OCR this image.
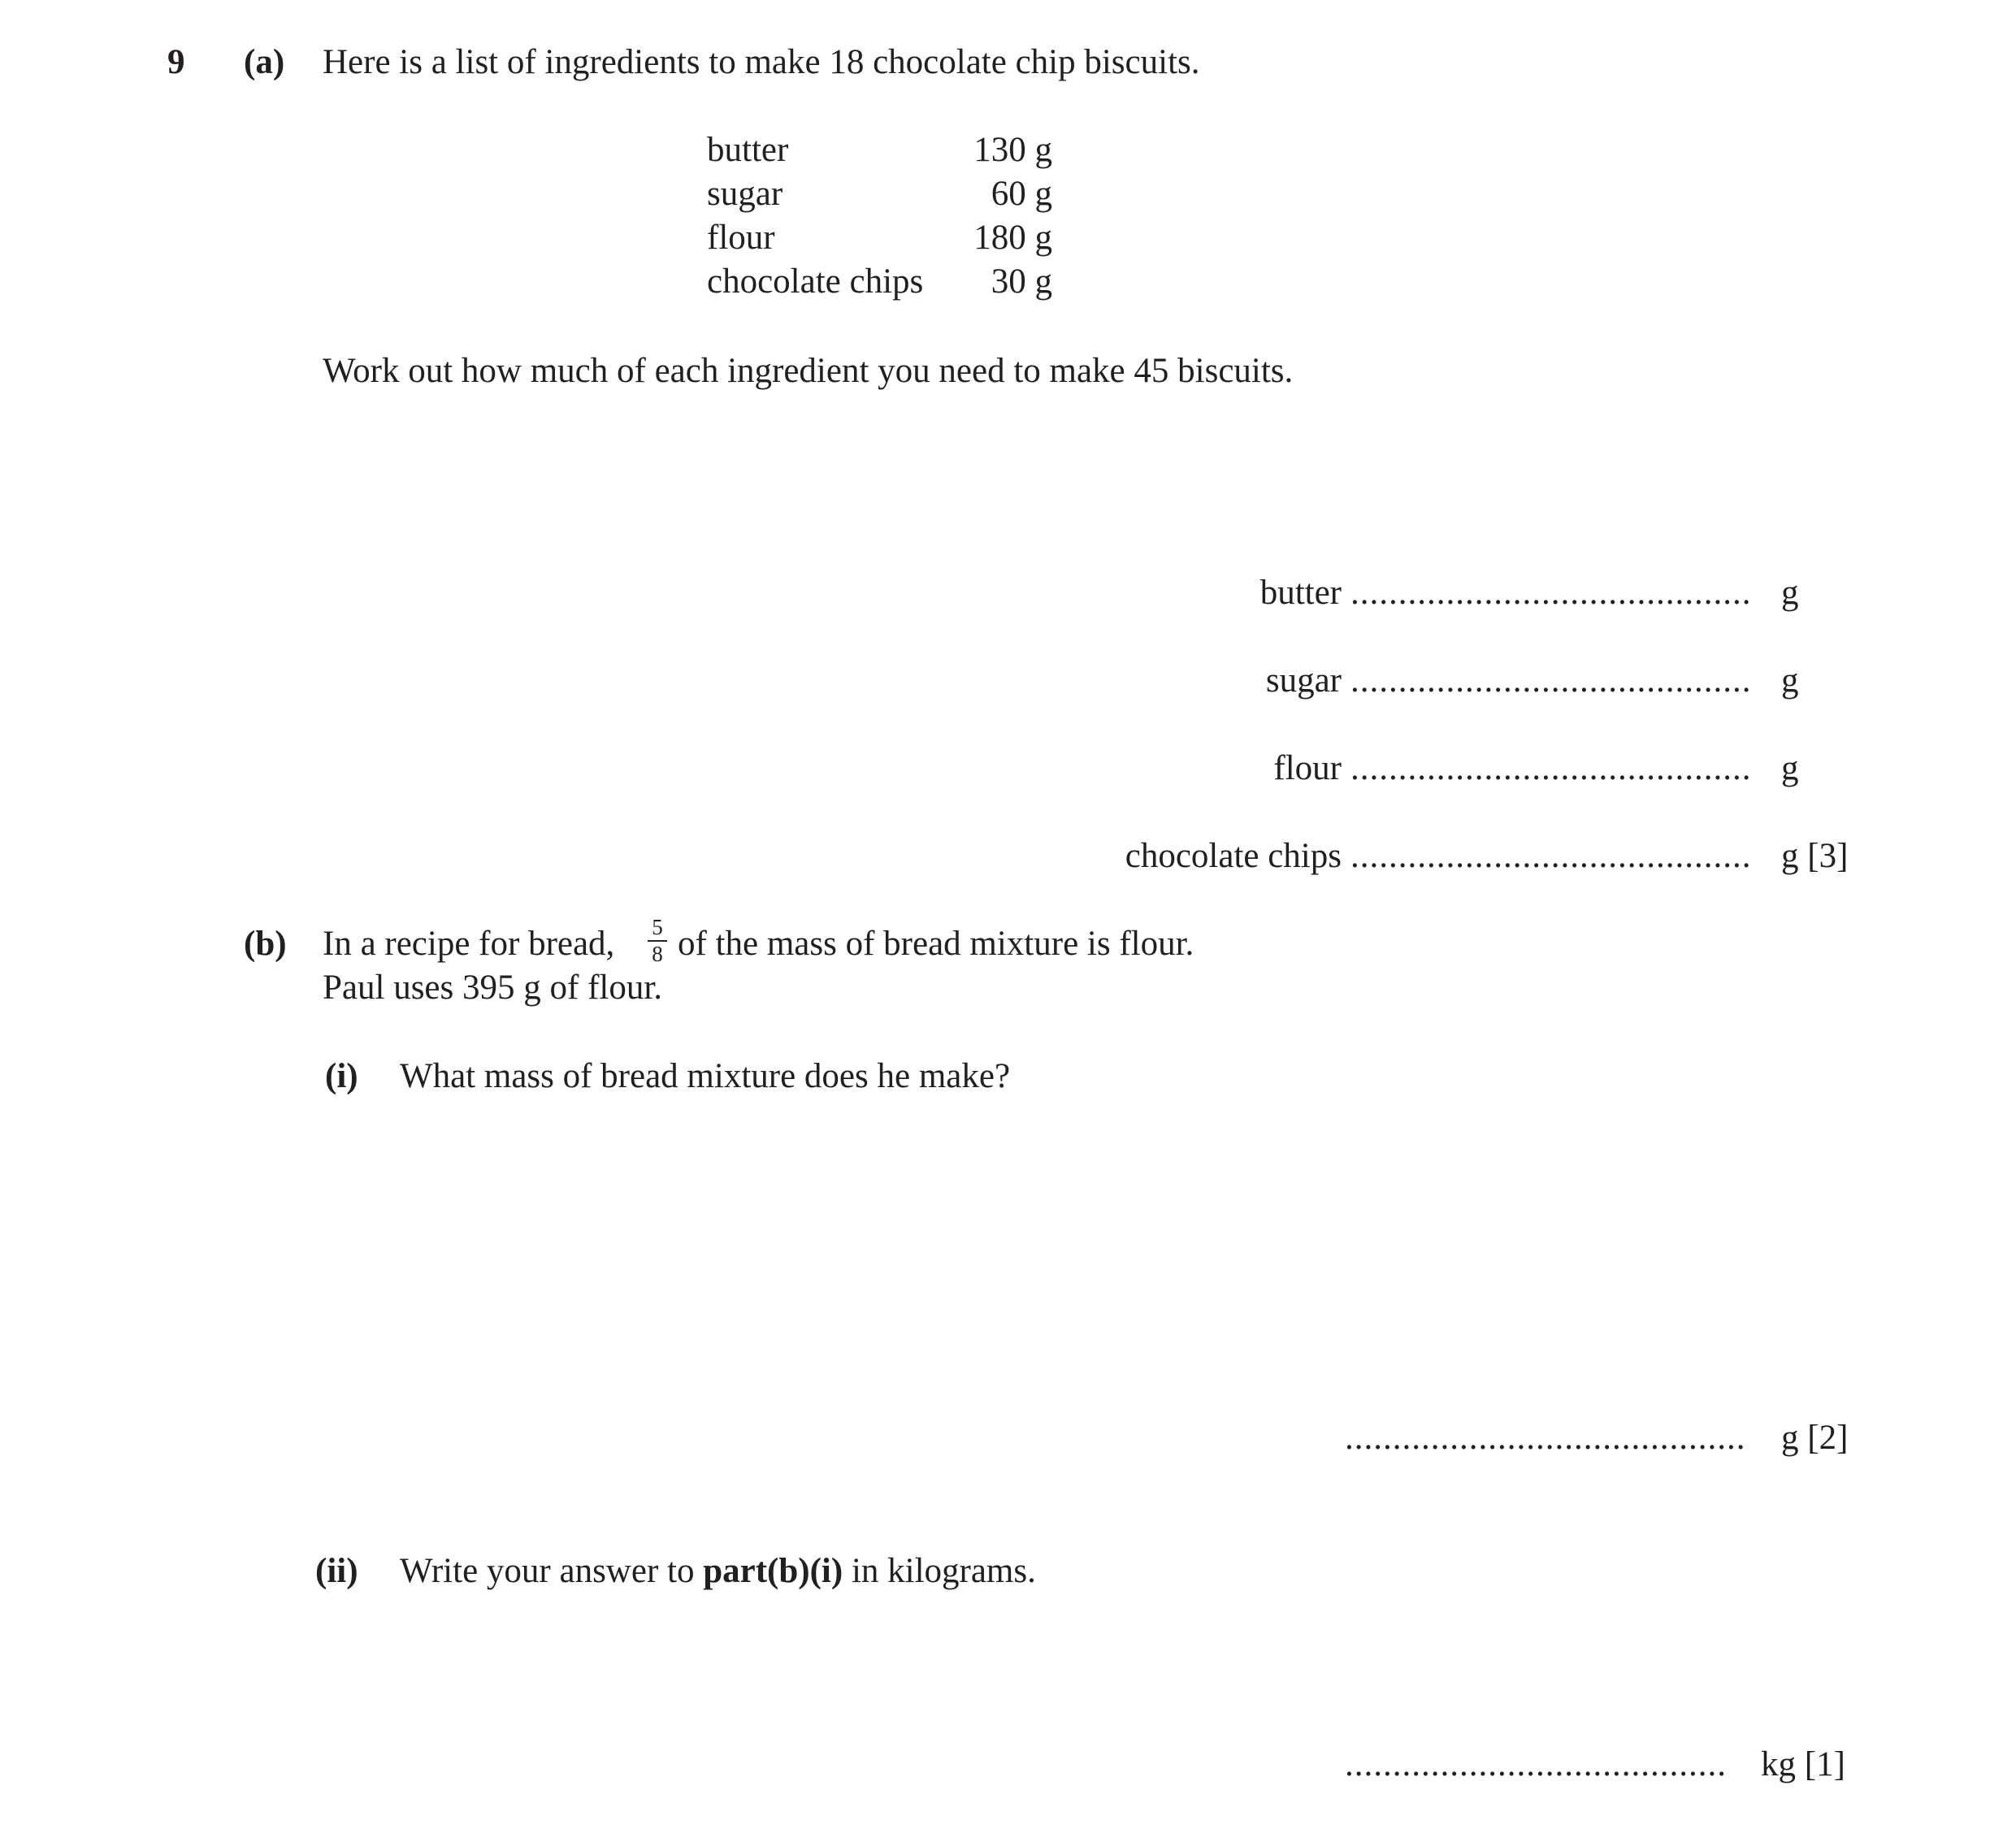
9 (a) Here is a list of ingredients to make 18 chocolate chip biscuits.
butter	130 g
sugar	60 g
flour	180 g
chocolate chips	30 g
Work out how much of each ingredient you need to make 45 biscuits.
butter .......................................... g
sugar .......................................... g
flour .......................................... g
chocolate chips .......................................... g [3]
(b) In a recipe for bread, 5
8 of the mass of bread mixture is flour.
Paul uses 395 g of flour.
(i) What mass of bread mixture does he make?
..........................................	g [2]
(ii) Write your answer to part(b)(i) in kilograms.
........................................ kg [1]
